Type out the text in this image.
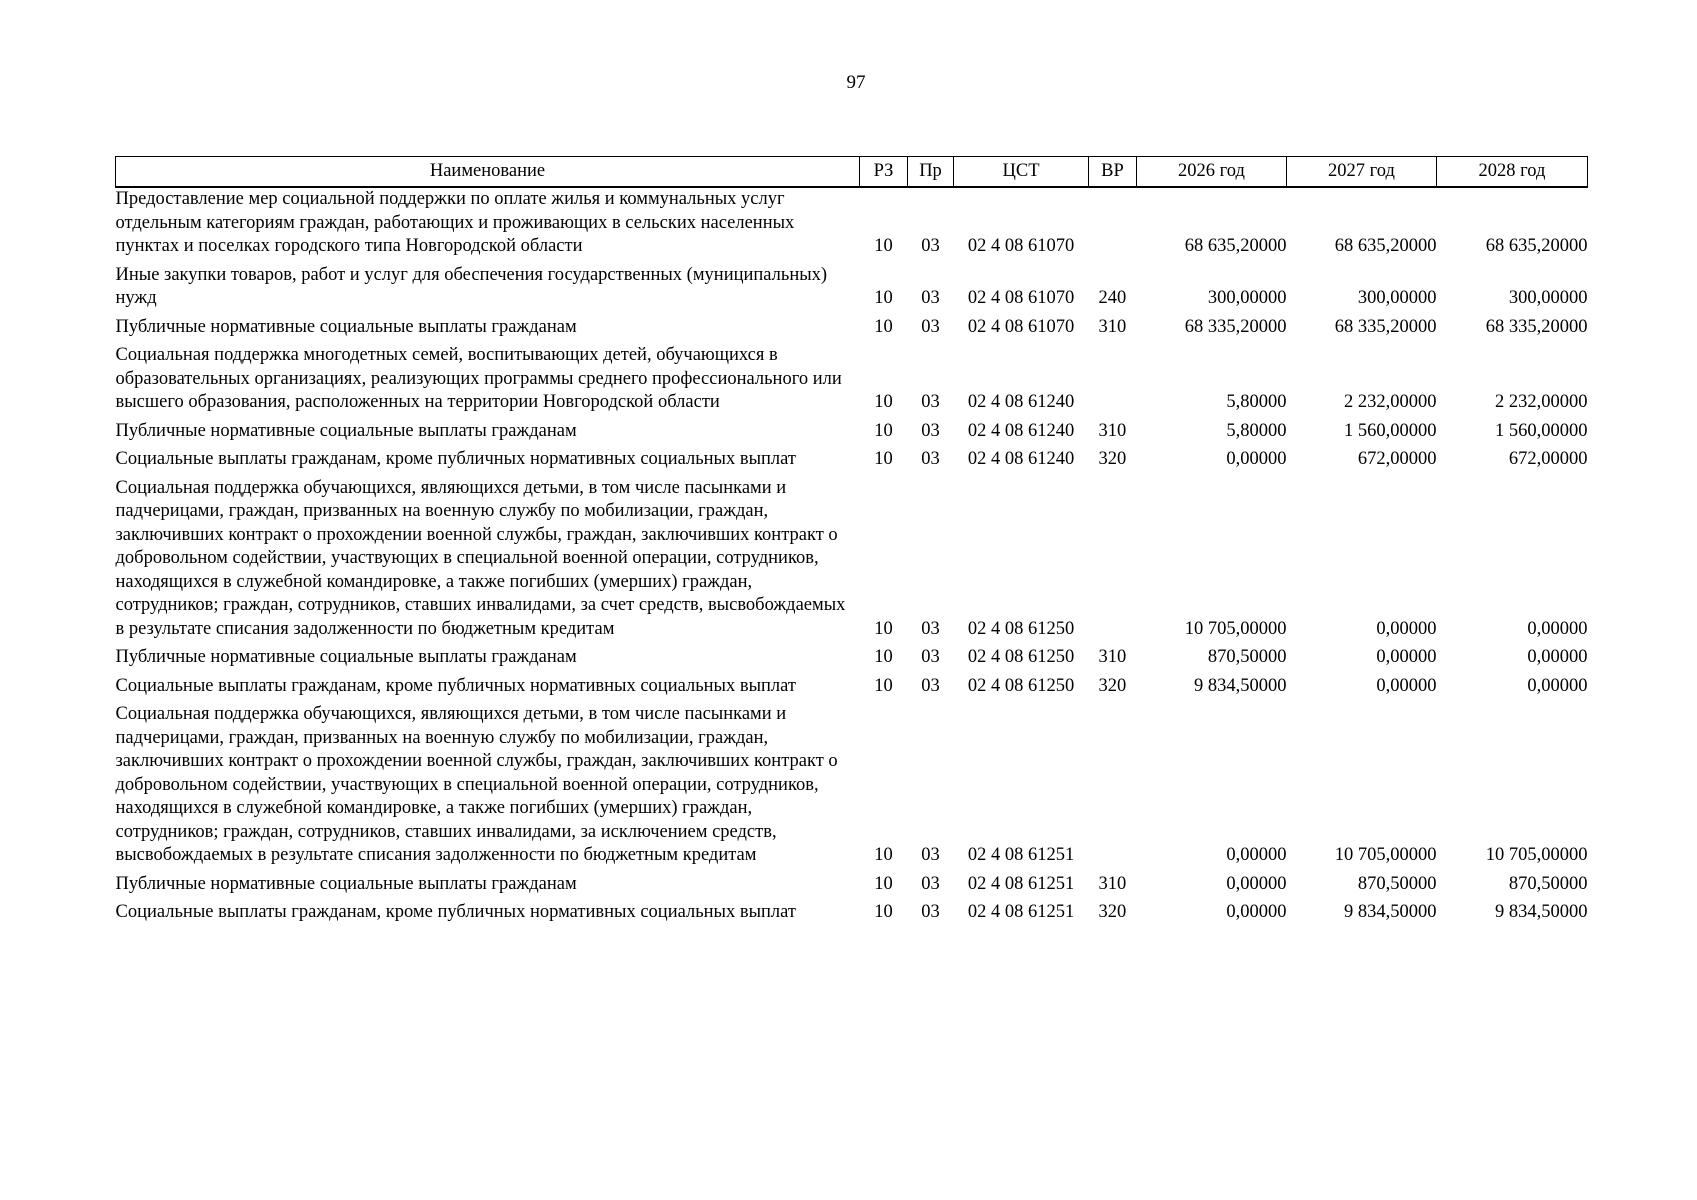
97
Наименование	РЗ	Пр	ЦСТ	ВР	2026 год	2027 год	2028 год
Предоставление мер социальной поддержки по оплате жилья и коммунальных услуг отдельным категориям граждан, работающих и проживающих в сельских населенных пунктах и поселках городского типа Новгородской области	10	03	02 4 08 61070		68 635,20000	68 635,20000	68 635,20000
Иные закупки товаров, работ и услуг для обеспечения государственных (муниципальных) нужд	10	03	02 4 08 61070	240	300,00000	300,00000	300,00000
Публичные нормативные социальные выплаты гражданам	10	03	02 4 08 61070	310	68 335,20000	68 335,20000	68 335,20000
Социальная поддержка многодетных семей, воспитывающих детей, обучающихся в образовательных организациях, реализующих программы среднего профессионального или высшего образования, расположенных на территории Новгородской области	10	03	02 4 08 61240		5,80000	2 232,00000	2 232,00000
Публичные нормативные социальные выплаты гражданам	10	03	02 4 08 61240	310	5,80000	1 560,00000	1 560,00000
Социальные выплаты гражданам, кроме публичных нормативных социальных выплат	10	03	02 4 08 61240	320	0,00000	672,00000	672,00000
Социальная поддержка обучающихся, являющихся детьми, в том числе пасынками и падчерицами, граждан, призванных на военную службу по мобилизации, граждан, заключивших контракт о прохождении военной службы, граждан, заключивших контракт о добровольном содействии, участвующих в специальной военной операции, сотрудников, находящихся в служебной командировке, а также погибших (умерших) граждан, сотрудников; граждан, сотрудников, ставших инвалидами, за счет средств, высвобождаемых в результате списания задолженности по бюджетным кредитам	10	03	02 4 08 61250		10 705,00000	0,00000	0,00000
Публичные нормативные социальные выплаты гражданам	10	03	02 4 08 61250	310	870,50000	0,00000	0,00000
Социальные выплаты гражданам, кроме публичных нормативных социальных выплат	10	03	02 4 08 61250	320	9 834,50000	0,00000	0,00000
Социальная поддержка обучающихся, являющихся детьми, в том числе пасынками и падчерицами, граждан, призванных на военную службу по мобилизации, граждан, заключивших контракт о прохождении военной службы, граждан, заключивших контракт о добровольном содействии, участвующих в специальной военной операции, сотрудников, находящихся в служебной командировке, а также погибших (умерших) граждан, сотрудников; граждан, сотрудников, ставших инвалидами, за исключением средств, высвобождаемых в результате списания задолженности по бюджетным кредитам	10	03	02 4 08 61251		0,00000	10 705,00000	10 705,00000
Публичные нормативные социальные выплаты гражданам	10	03	02 4 08 61251	310	0,00000	870,50000	870,50000
Социальные выплаты гражданам, кроме публичных нормативных социальных выплат	10	03	02 4 08 61251	320	0,00000	9 834,50000	9 834,50000
